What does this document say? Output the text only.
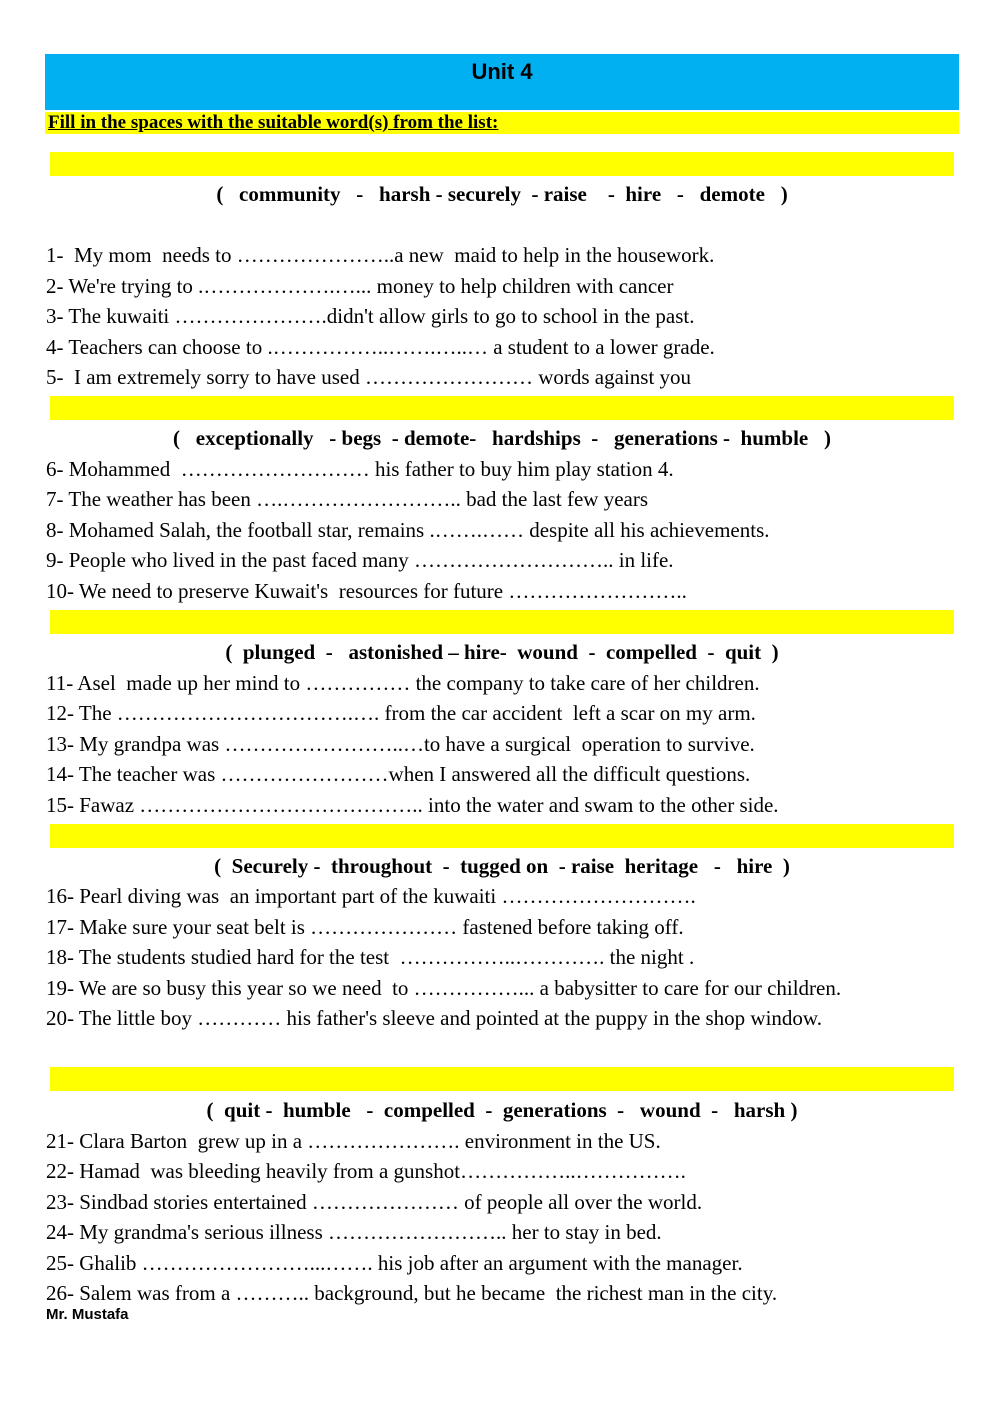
Unit 4

Fill in the spaces with the suitable word(s) from the list:

(   community   -   harsh - securely  - raise    -  hire   -   demote   )
1-  My mom  needs to …………………..a new  maid to help in the housework.
2- We're trying to .……………….…... money to help children with cancer
3- The kuwaiti ………………….didn't allow girls to go to school in the past.
4- Teachers can choose to .……………..…….…..… a student to a lower grade.
5-  I am extremely sorry to have used …………………… words against you
(   exceptionally   - begs  - demote-   hardships  -   generations -  humble   )
6- Mohammed  ……………………… his father to buy him play station 4.
7- The weather has been ….…………………….. bad the last few years
8- Mohamed Salah, the football star, remains .…….…… despite all his achievements.
9- People who lived in the past faced many ……………………….. in life.
10- We need to preserve Kuwait's  resources for future ……………………..
(  plunged  -   astonished – hire-  wound  -  compelled  -  quit  )
11- Asel  made up her mind to …………… the company to take care of her children.
12- The …………………………….…. from the car accident  left a scar on my arm.
13- My grandpa was ……………………..…to have a surgical  operation to survive.
14- The teacher was ……………………when I answered all the difficult questions.
15- Fawaz ………………………………….. into the water and swam to the other side.
(  Securely -  throughout  -  tugged on  - raise  heritage   -   hire  )
16- Pearl diving was  an important part of the kuwaiti ……………………….
17- Make sure your seat belt is ………………… fastened before taking off.
18- The students studied hard for the test  ……………..…………. the night .
19- We are so busy this year so we need  to ……………... a babysitter to care for our children.
20- The little boy ………… his father's sleeve and pointed at the puppy in the shop window.
(  quit -  humble   -  compelled  -  generations  -   wound  -   harsh )
21- Clara Barton  grew up in a …………………. environment in the US.
22- Hamad  was bleeding heavily from a gunshot……………..…………….
23- Sindbad stories entertained ………………… of people all over the world.
24- My grandma's serious illness …………………….. her to stay in bed.
25- Ghalib ……………………...……. his job after an argument with the manager.
26- Salem was from a ……….. background, but he became  the richest man in the city.
Mr. Mustafa
